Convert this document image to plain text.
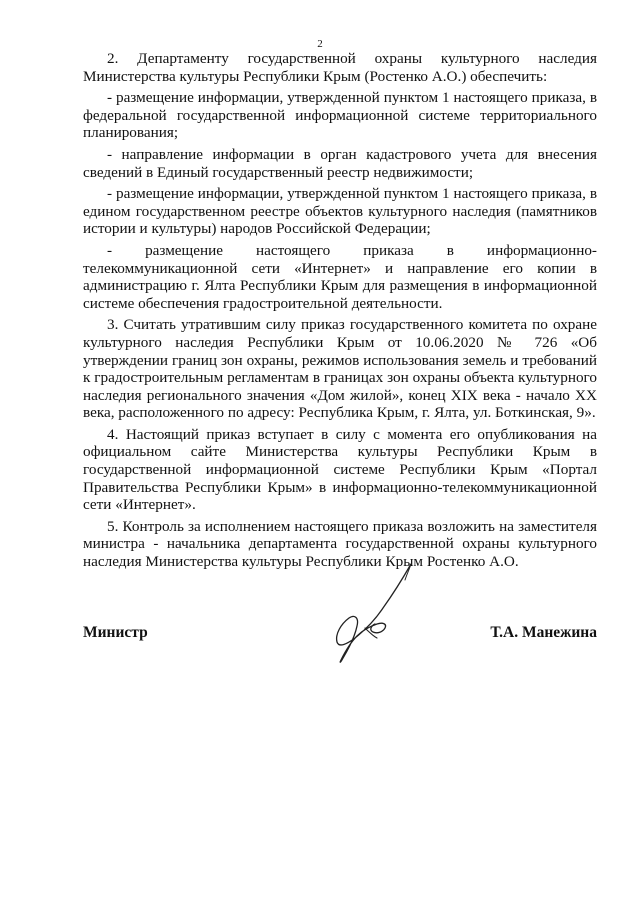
2

2. Департаменту государственной охраны культурного наследия Министерства культуры Республики Крым (Ростенко А.О.) обеспечить:

- размещение информации, утвержденной пунктом 1 настоящего приказа, в федеральной государственной информационной системе территориального планирования;

- направление информации в орган кадастрового учета для внесения сведений в Единый государственный реестр недвижимости;

- размещение информации, утвержденной пунктом 1 настоящего приказа, в едином государственном реестре объектов культурного наследия (памятников истории и культуры) народов Российской Федерации;

- размещение настоящего приказа в информационно-телекоммуникационной сети «Интернет» и направление его копии в администрацию г. Ялта Республики Крым для размещения в информационной системе обеспечения градостроительной деятельности.

3. Считать утратившим силу приказ государственного комитета по охране культурного наследия Республики Крым от 10.06.2020 № 726 «Об утверждении границ зон охраны, режимов использования земель и требований к градостроительным регламентам в границах зон охраны объекта культурного наследия регионального значения «Дом жилой», конец XIX века - начало XX века, расположенного по адресу: Республика Крым, г. Ялта, ул. Боткинская, 9».

4. Настоящий приказ вступает в силу с момента его опубликования на официальном сайте Министерства культуры Республики Крым в государственной информационной системе Республики Крым «Портал Правительства Республики Крым» в информационно-телекоммуникационной сети «Интернет».

5. Контроль за исполнением настоящего приказа возложить на заместителя министра - начальника департамента государственной охраны культурного наследия Министерства культуры Республики Крым Ростенко А.О.

Министр	Т.А. Манежина
